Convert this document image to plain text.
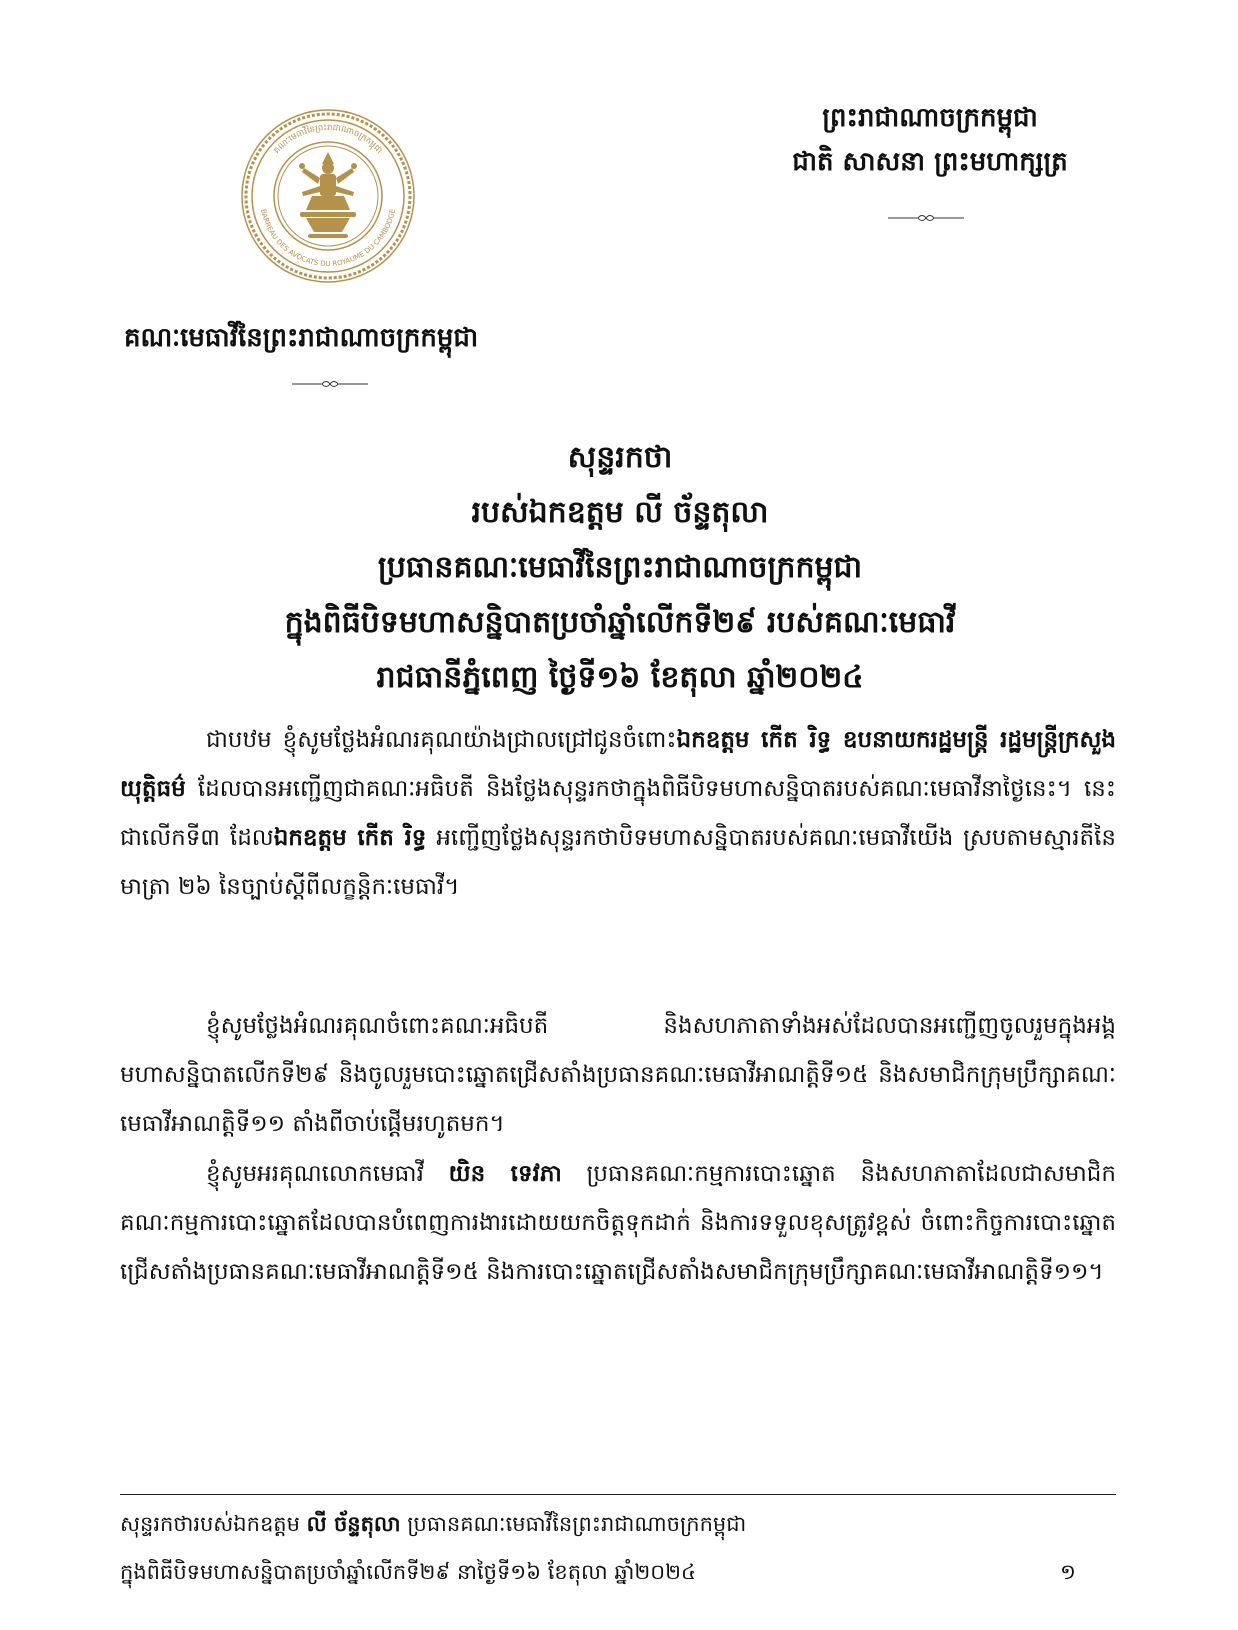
គណៈមេធាវីនៃព្រះរាជាណាចក្រកម្ពុជា
BARREAU DES AVOCATS DU ROYAUME DU CAMBODGE
ព្រះរាជាណាចក្រកម្ពុជា
ជាតិ សាសនា ព្រះមហាក្សត្រ
គណៈមេធាវីនៃព្រះរាជាណាចក្រកម្ពុជា
សុន្ទរកថា
របស់ឯកឧត្តម លី ច័ន្ទតុលា
ប្រធានគណៈមេធាវីនៃព្រះរាជាណាចក្រកម្ពុជា
ក្នុងពិធីបិទមហាសន្និបាតប្រចាំឆ្នាំលើកទី២៩ របស់គណៈមេធាវី
រាជធានីភ្នំពេញ ថ្ងៃទី១៦ ខែតុលា ឆ្នាំ២០២៤
ជាបឋម ខ្ញុំសូមថ្លែងអំណរគុណយ៉ាងជ្រាលជ្រៅជូនចំពោះឯកឧត្តម កើត រិទ្ធ ឧបនាយករដ្ឋមន្ត្រី រដ្ឋមន្ត្រីក្រសួងយុត្តិធម៌ ដែលបានអញ្ជើញជាគណៈអធិបតី និងថ្លែងសុន្ទរកថាក្នុងពិធីបិទមហាសន្និបាតរបស់គណៈមេធាវីនាថ្ងៃនេះ។ នេះជាលើកទី៣ ដែលឯកឧត្តម កើត រិទ្ធ អញ្ជើញថ្លែងសុន្ទរកថាបិទមហាសន្និបាតរបស់គណៈមេធាវីយើង ស្របតាមស្មារតីនៃមាត្រា ២៦ នៃច្បាប់ស្តីពីលក្ខន្តិកៈមេធាវី។
ខ្ញុំសូមថ្លែងអំណរគុណចំពោះគណៈអធិបតី និងសហភាតាទាំងអស់ដែលបានអញ្ជើញចូលរួមក្នុងអង្គមហាសន្និបាតលើកទី២៩ និងចូលរួមបោះឆ្នោតជ្រើសតាំងប្រធានគណៈមេធាវីអាណត្តិទី១៥ និងសមាជិកក្រុមប្រឹក្សាគណៈមេធាវីអាណត្តិទី១១ តាំងពីចាប់ផ្តើមរហូតមក។
ខ្ញុំសូមអរគុណលោកមេធាវី យិន ទេវភា ប្រធានគណៈកម្មការបោះឆ្នោត និងសហភាតាដែលជាសមាជិកគណៈកម្មការបោះឆ្នោតដែលបានបំពេញការងារដោយយកចិត្តទុកដាក់ និងការទទួលខុសត្រូវខ្ពស់ ចំពោះកិច្ចការបោះឆ្នោតជ្រើសតាំងប្រធានគណៈមេធាវីអាណត្តិទី១៥ និងការបោះឆ្នោតជ្រើសតាំងសមាជិកក្រុមប្រឹក្សាគណៈមេធាវីអាណត្តិទី១១។
សុន្ទរកថារបស់ឯកឧត្តម លី ច័ន្ទតុលា ប្រធានគណៈមេធាវីនៃព្រះរាជាណាចក្រកម្ពុជា
ក្នុងពិធីបិទមហាសន្និបាតប្រចាំឆ្នាំលើកទី២៩ នាថ្ងៃទី១៦ ខែតុលា ឆ្នាំ២០២៤	១
